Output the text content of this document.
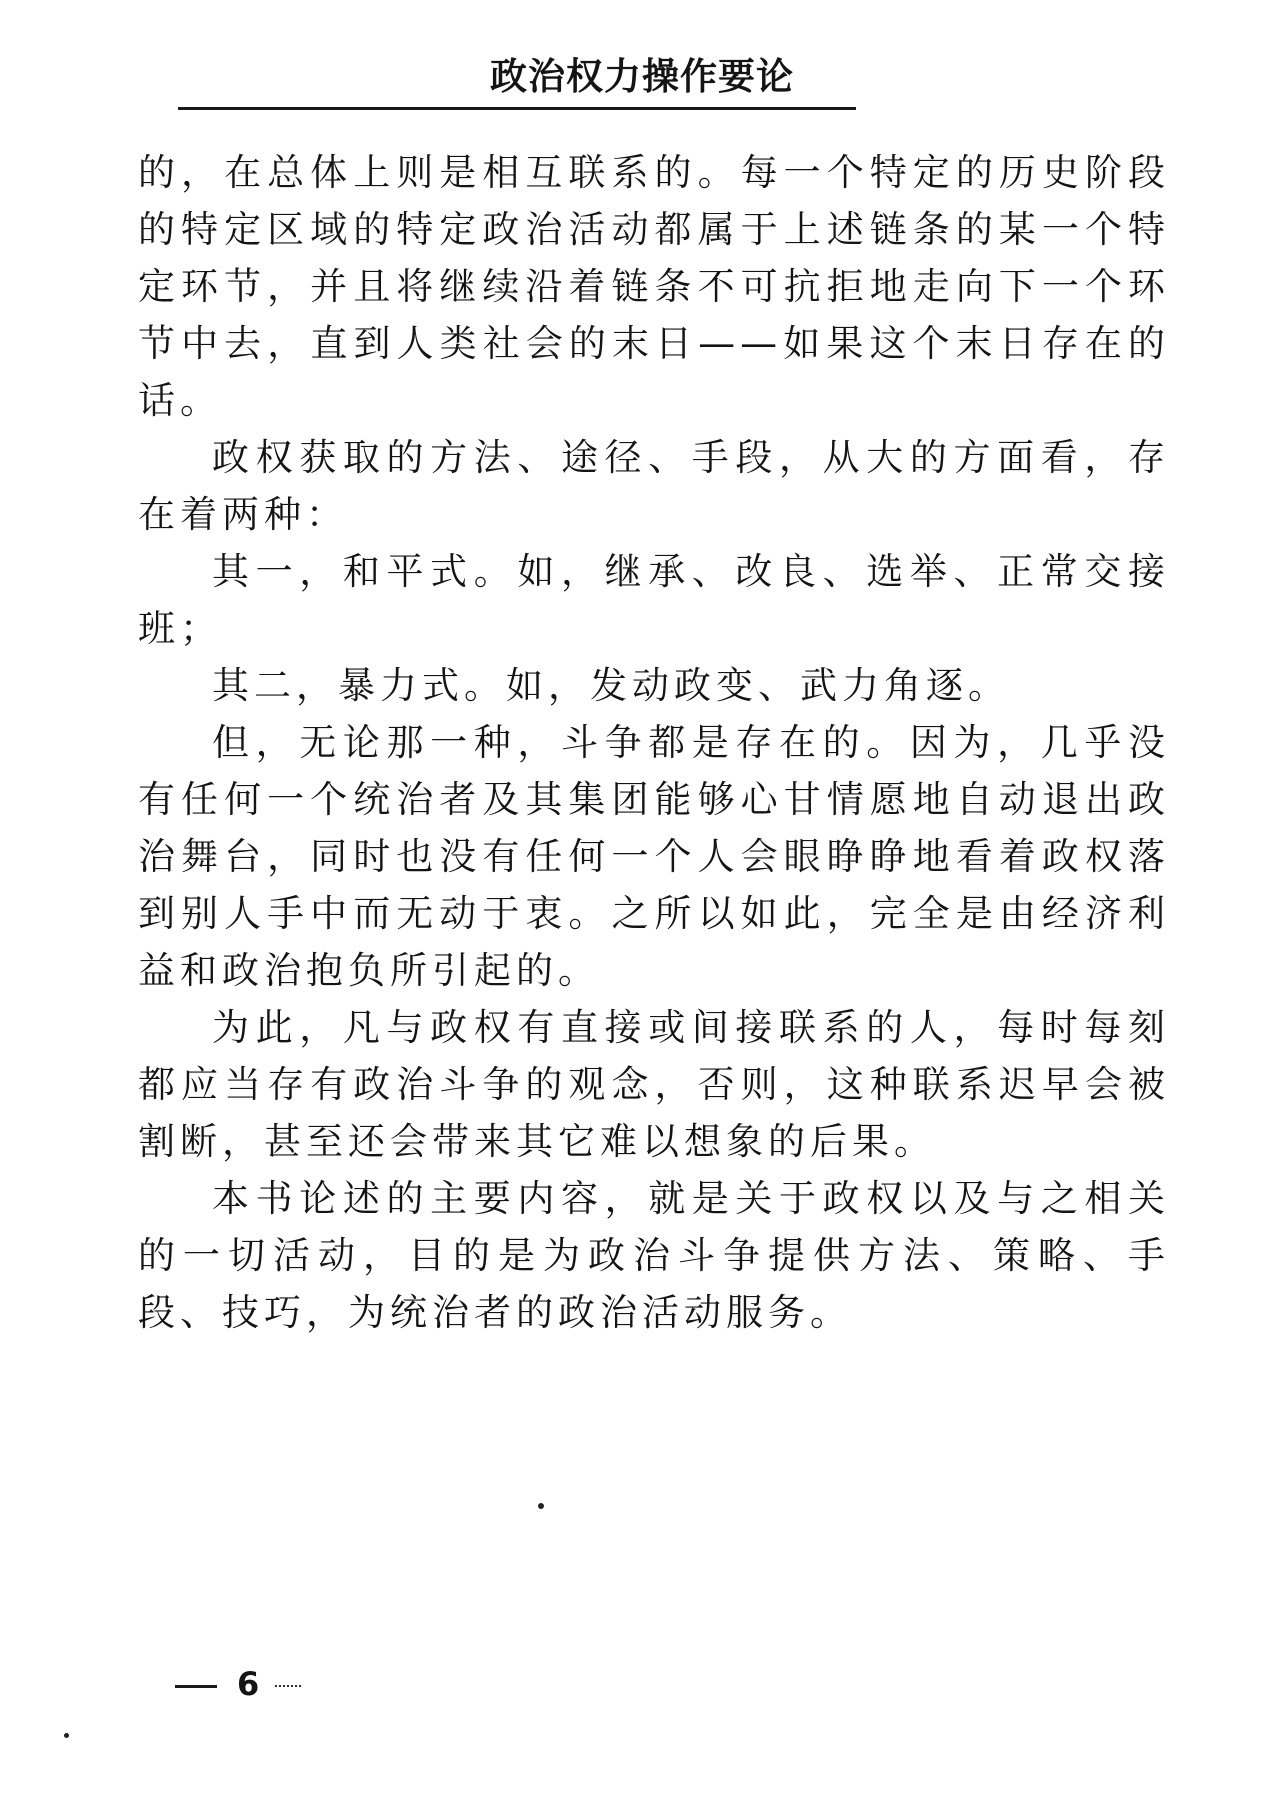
政治权力操作要论

的，在总体上则是相互联系的。每一个特定的历史阶段的特定区域的特定政治活动都属于上述链条的某一个特定环节，并且将继续沿着链条不可抗拒地走向下一个环节中去，直到人类社会的末日——如果这个末日存在的话。

政权获取的方法、途径、手段，从大的方面看，存在着两种：

其一，和平式。如，继承、改良、选举、正常交接班；

其二，暴力式。如，发动政变、武力角逐。

但，无论那一种，斗争都是存在的。因为，几乎没有任何一个统治者及其集团能够心甘情愿地自动退出政治舞台，同时也没有任何一个人会眼睁睁地看着政权落到别人手中而无动于衷。之所以如此，完全是由经济利益和政治抱负所引起的。

为此，凡与政权有直接或间接联系的人，每时每刻都应当存有政治斗争的观念，否则，这种联系迟早会被割断，甚至还会带来其它难以想象的后果。

本书论述的主要内容，就是关于政权以及与之相关的一切活动，目的是为政治斗争提供方法、策略、手段、技巧，为统治者的政治活动服务。

6
